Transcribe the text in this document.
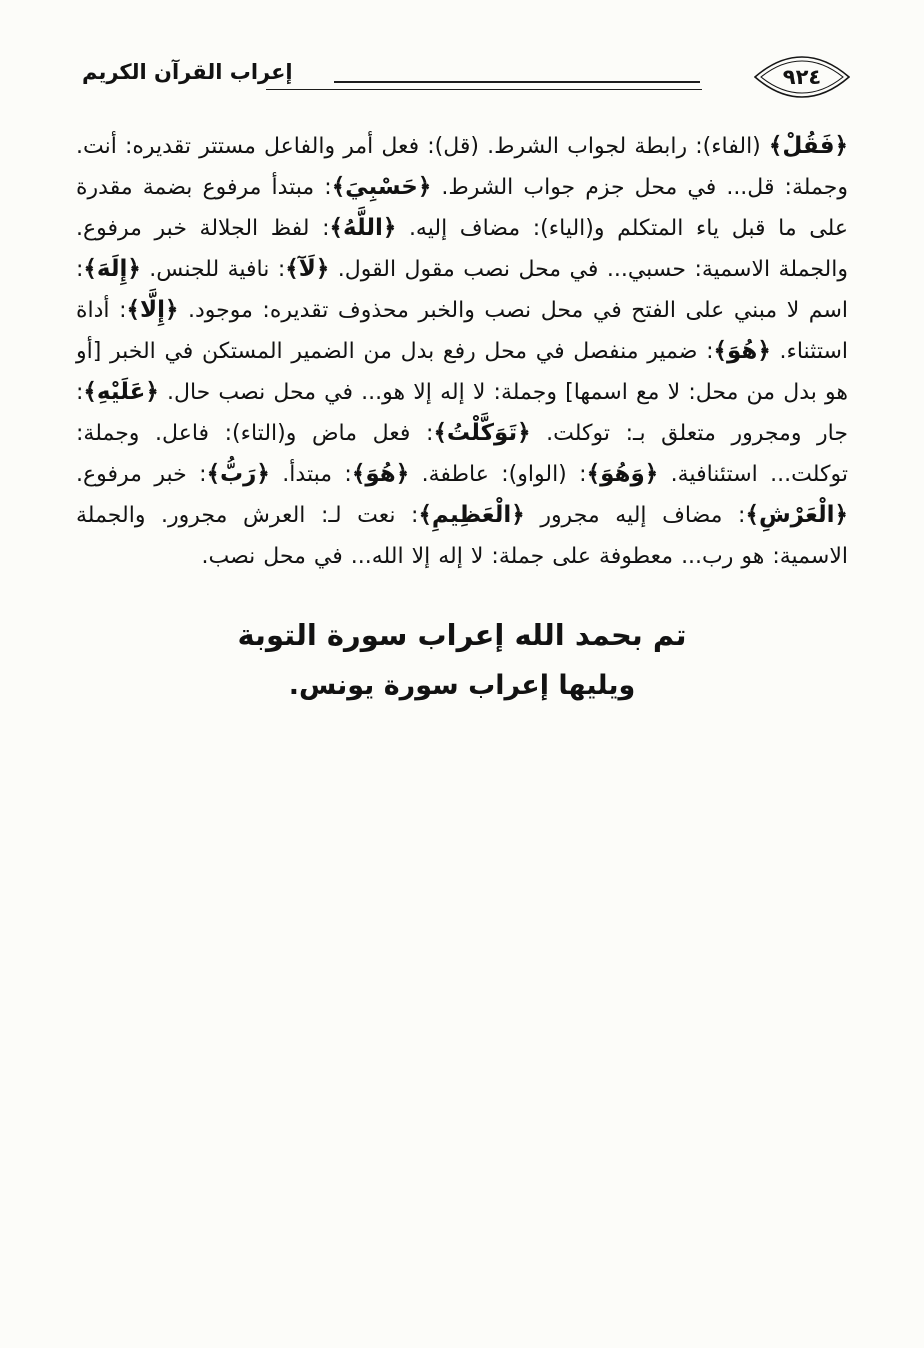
إعراب القرآن الكريم	٩٢٤
﴿فَقُلْ﴾ (الفاء): رابطة لجواب الشرط. (قل): فعل أمر والفاعل مستتر تقديره: أنت. وجملة: قل... في محل جزم جواب الشرط. ﴿حَسْبِيَ﴾: مبتدأ مرفوع بضمة مقدرة على ما قبل ياء المتكلم و(الياء): مضاف إليه. ﴿اللَّهُ﴾: لفظ الجلالة خبر مرفوع. والجملة الاسمية: حسبي... في محل نصب مقول القول. ﴿لَآ﴾: نافية للجنس. ﴿إِلَهَ﴾: اسم لا مبني على الفتح في محل نصب والخبر محذوف تقديره: موجود. ﴿إِلَّا﴾: أداة استثناء. ﴿هُوَ﴾: ضمير منفصل في محل رفع بدل من الضمير المستكن في الخبر [أو هو بدل من محل: لا مع اسمها] وجملة: لا إله إلا هو... في محل نصب حال. ﴿عَلَيْهِ﴾: جار ومجرور متعلق بـ: توكلت. ﴿تَوَكَّلْتُ﴾: فعل ماض و(التاء): فاعل. وجملة: توكلت... استئنافية. ﴿وَهُوَ﴾: (الواو): عاطفة. ﴿هُوَ﴾: مبتدأ. ﴿رَبُّ﴾: خبر مرفوع. ﴿الْعَرْشِ﴾: مضاف إليه مجرور ﴿الْعَظِيمِ﴾: نعت لـ: العرش مجرور. والجملة الاسمية: هو رب... معطوفة على جملة: لا إله إلا الله... في محل نصب.
تم بحمد الله إعراب سورة التوبة
ويليها إعراب سورة يونس.
